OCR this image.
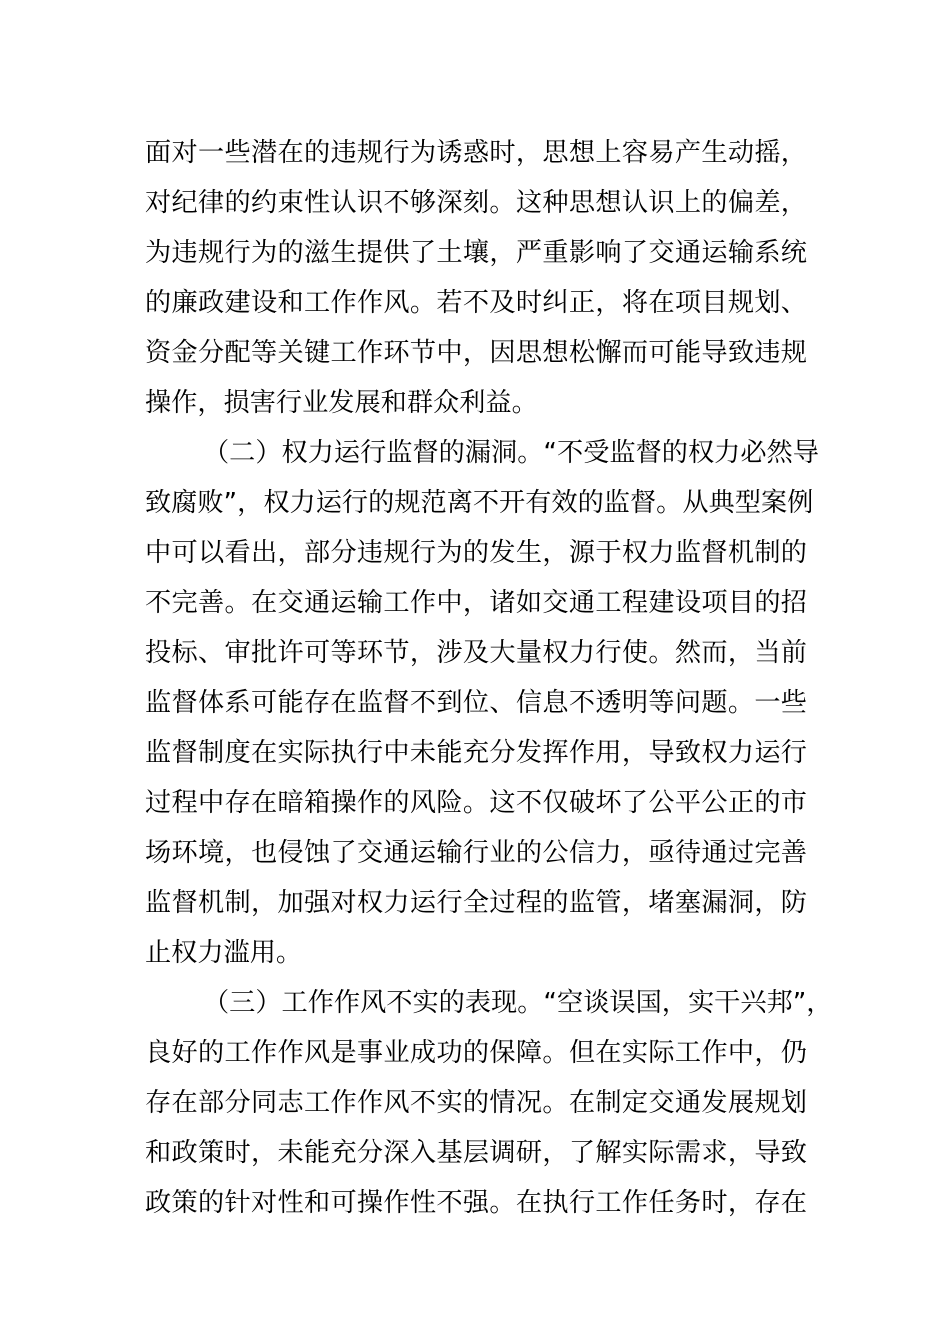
面对一些潜在的违规行为诱惑时，思想上容易产生动摇，
对纪律的约束性认识不够深刻。这种思想认识上的偏差，
为违规行为的滋生提供了土壤，严重影响了交通运输系统
的廉政建设和工作作风。若不及时纠正，将在项目规划、
资金分配等关键工作环节中，因思想松懈而可能导致违规
操作，损害行业发展和群众利益。
（二）权力运行监督的漏洞。“不受监督的权力必然导
致腐败”，权力运行的规范离不开有效的监督。从典型案例
中可以看出，部分违规行为的发生，源于权力监督机制的
不完善。在交通运输工作中，诸如交通工程建设项目的招
投标、审批许可等环节，涉及大量权力行使。然而，当前
监督体系可能存在监督不到位、信息不透明等问题。一些
监督制度在实际执行中未能充分发挥作用，导致权力运行
过程中存在暗箱操作的风险。这不仅破坏了公平公正的市
场环境，也侵蚀了交通运输行业的公信力，亟待通过完善
监督机制，加强对权力运行全过程的监管，堵塞漏洞，防
止权力滥用。
（三）工作作风不实的表现。“空谈误国，实干兴邦”，
良好的工作作风是事业成功的保障。但在实际工作中，仍
存在部分同志工作作风不实的情况。在制定交通发展规划
和政策时，未能充分深入基层调研，了解实际需求，导致
政策的针对性和可操作性不强。在执行工作任务时，存在
